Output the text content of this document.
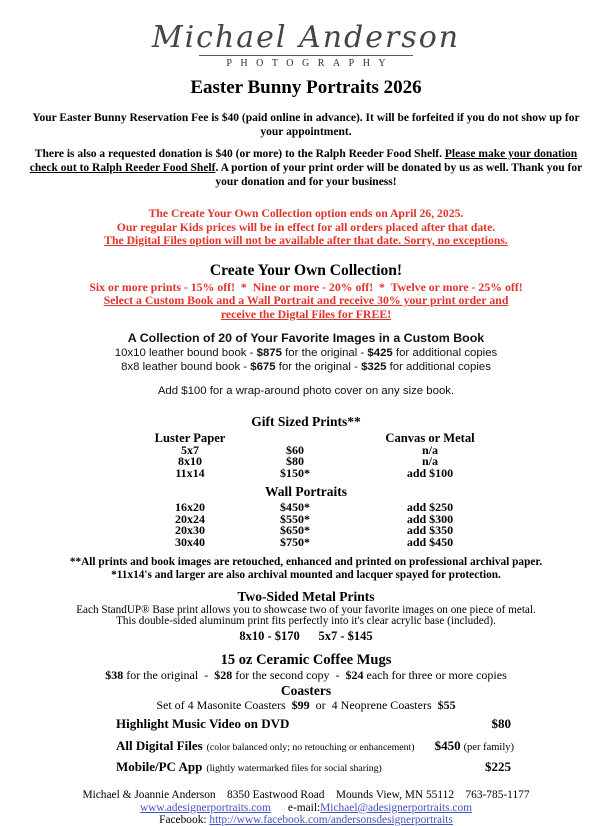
Michael Anderson
PHOTOGRAPHY
Easter Bunny Portraits 2026

Your Easter Bunny Reservation Fee is $40 (paid online in advance). It will be forfeited if you do not show up for your appointment.

There is also a requested donation is $40 (or more) to the Ralph Reeder Food Shelf. Please make your donation check out to Ralph Reeder Food Shelf. A portion of your print order will be donated by us as well. Thank you for your donation and for your business!

The Create Your Own Collection option ends on April 26, 2025.
Our regular Kids prices will be in effect for all orders placed after that date.
The Digital Files option will not be available after that date. Sorry, no exceptions.
Create Your Own Collection!
Six or more prints - 15% off!  *  Nine or more - 20% off!  *  Twelve or more - 25% off!
Select a Custom Book and a Wall Portrait and receive 30% your print order and
receive the Digtal Files for FREE!
A Collection of 20 of Your Favorite Images in a Custom Book
10x10 leather bound book - $875 for the original - $425 for additional copies
8x8 leather bound book - $675 for the original - $325 for additional copies
Add $100 for a wrap-around photo cover on any size book.
Gift Sized Prints**
Luster Paper	Canvas or Metal
5x7	$60	n/a
8x10	$80	n/a
11x14	$150*	add $100
Wall Portraits
16x20	$450*	add $250
20x24	$550*	add $300
20x30	$650*	add $350
30x40	$750*	add $450
**All prints and book images are retouched, enhanced and printed on professional archival paper.
*11x14's and larger are also archival mounted and lacquer spayed for protection.
Two-Sided Metal Prints
Each StandUP® Base print allows you to showcase two of your favorite images on one piece of metal.
This double-sided aluminum print fits perfectly into it's clear acrylic base (included).
8x10 - $170      5x7 - $145
15 oz Ceramic Coffee Mugs
$38 for the original  -  $28 for the second copy  -  $24 each for three or more copies
Coasters
Set of 4 Masonite Coasters  $99  or  4 Neoprene Coasters  $55
Highlight Music Video on DVD	$80
All Digital Files (color balanced only; no retouching or enhancement) $450 (per family)
Mobile/PC App (lightly watermarked files for social sharing)	$225
Michael & Joannie Anderson    8350 Eastwood Road    Mounds View, MN 55112    763-785-1177
www.adesignerportraits.com      e-mail:Michael@adesignerportraits.com
Facebook: http://www.facebook.com/andersonsdesignerportraits
